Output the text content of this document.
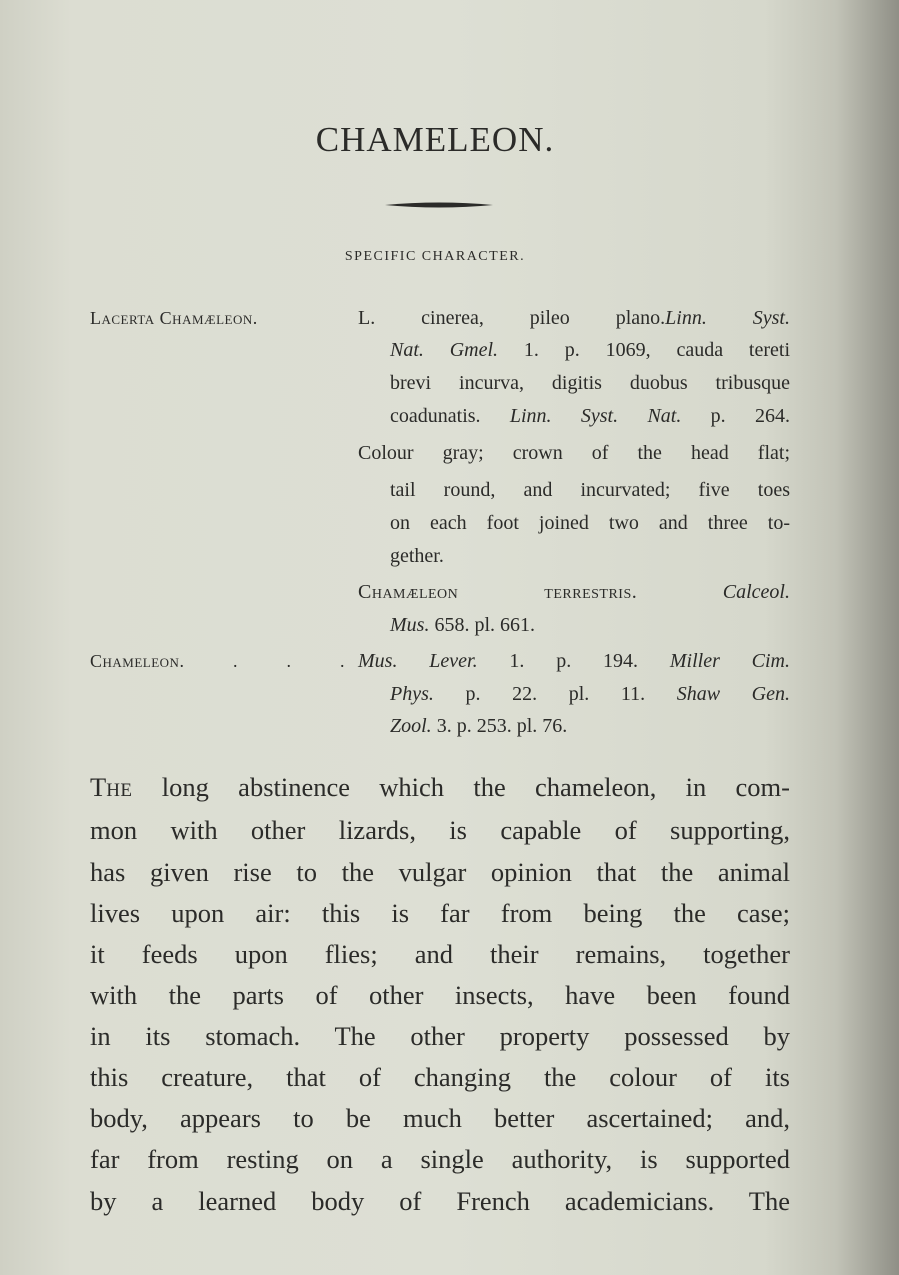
CHAMELEON.
SPECIFIC CHARACTER.
Lacerta Chamæleon.
Chameleon. . . .
L. cinerea, pileo plano.Linn. Syst.
Nat. Gmel. 1. p. 1069, cauda tereti
brevi incurva, digitis duobus tribusque
coadunatis. Linn. Syst. Nat. p. 264.
Colour gray; crown of the head flat;
tail round, and incurvated; five toes
on each foot joined two and three to-
gether.
Chamæleon terrestris. Calceol.
Mus. 658. pl. 661.
Mus. Lever. 1. p. 194. Miller Cim.
Phys. p. 22. pl. 11. Shaw Gen.
Zool. 3. p. 253. pl. 76.
The long abstinence which the chameleon, in com-
mon with other lizards, is capable of supporting,
has given rise to the vulgar opinion that the animal
lives upon air: this is far from being the case;
it feeds upon flies; and their remains, together
with the parts of other insects, have been found
in its stomach. The other property possessed by
this creature, that of changing the colour of its
body, appears to be much better ascertained; and,
far from resting on a single authority, is supported
by a learned body of French academicians. The
